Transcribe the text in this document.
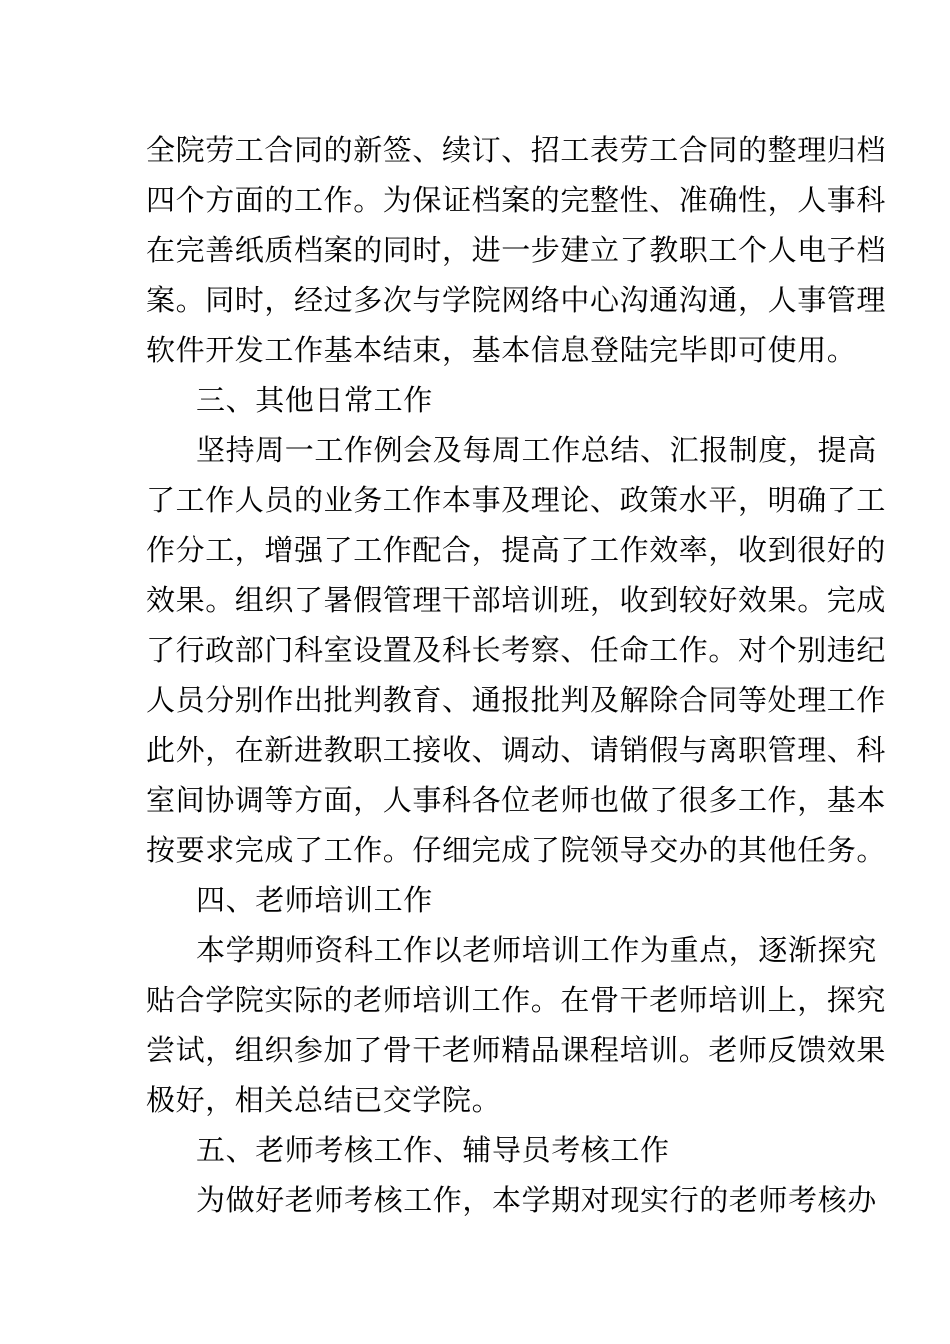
全院劳工合同的新签、续订、招工表劳工合同的整理归档
四个方面的工作。为保证档案的完整性、准确性，人事科
在完善纸质档案的同时，进一步建立了教职工个人电子档
案。同时，经过多次与学院网络中心沟通沟通，人事管理
软件开发工作基本结束，基本信息登陆完毕即可使用。
三、其他日常工作
坚持周一工作例会及每周工作总结、汇报制度，提高
了工作人员的业务工作本事及理论、政策水平，明确了工
作分工，增强了工作配合，提高了工作效率，收到很好的
效果。组织了暑假管理干部培训班，收到较好效果。完成
了行政部门科室设置及科长考察、任命工作。对个别违纪
人员分别作出批判教育、通报批判及解除合同等处理工作
此外，在新进教职工接收、调动、请销假与离职管理、科
室间协调等方面，人事科各位老师也做了很多工作，基本
按要求完成了工作。仔细完成了院领导交办的其他任务。
四、老师培训工作
本学期师资科工作以老师培训工作为重点，逐渐探究
贴合学院实际的老师培训工作。在骨干老师培训上，探究
尝试，组织参加了骨干老师精品课程培训。老师反馈效果
极好，相关总结已交学院。
五、老师考核工作、辅导员考核工作
为做好老师考核工作，本学期对现实行的老师考核办
